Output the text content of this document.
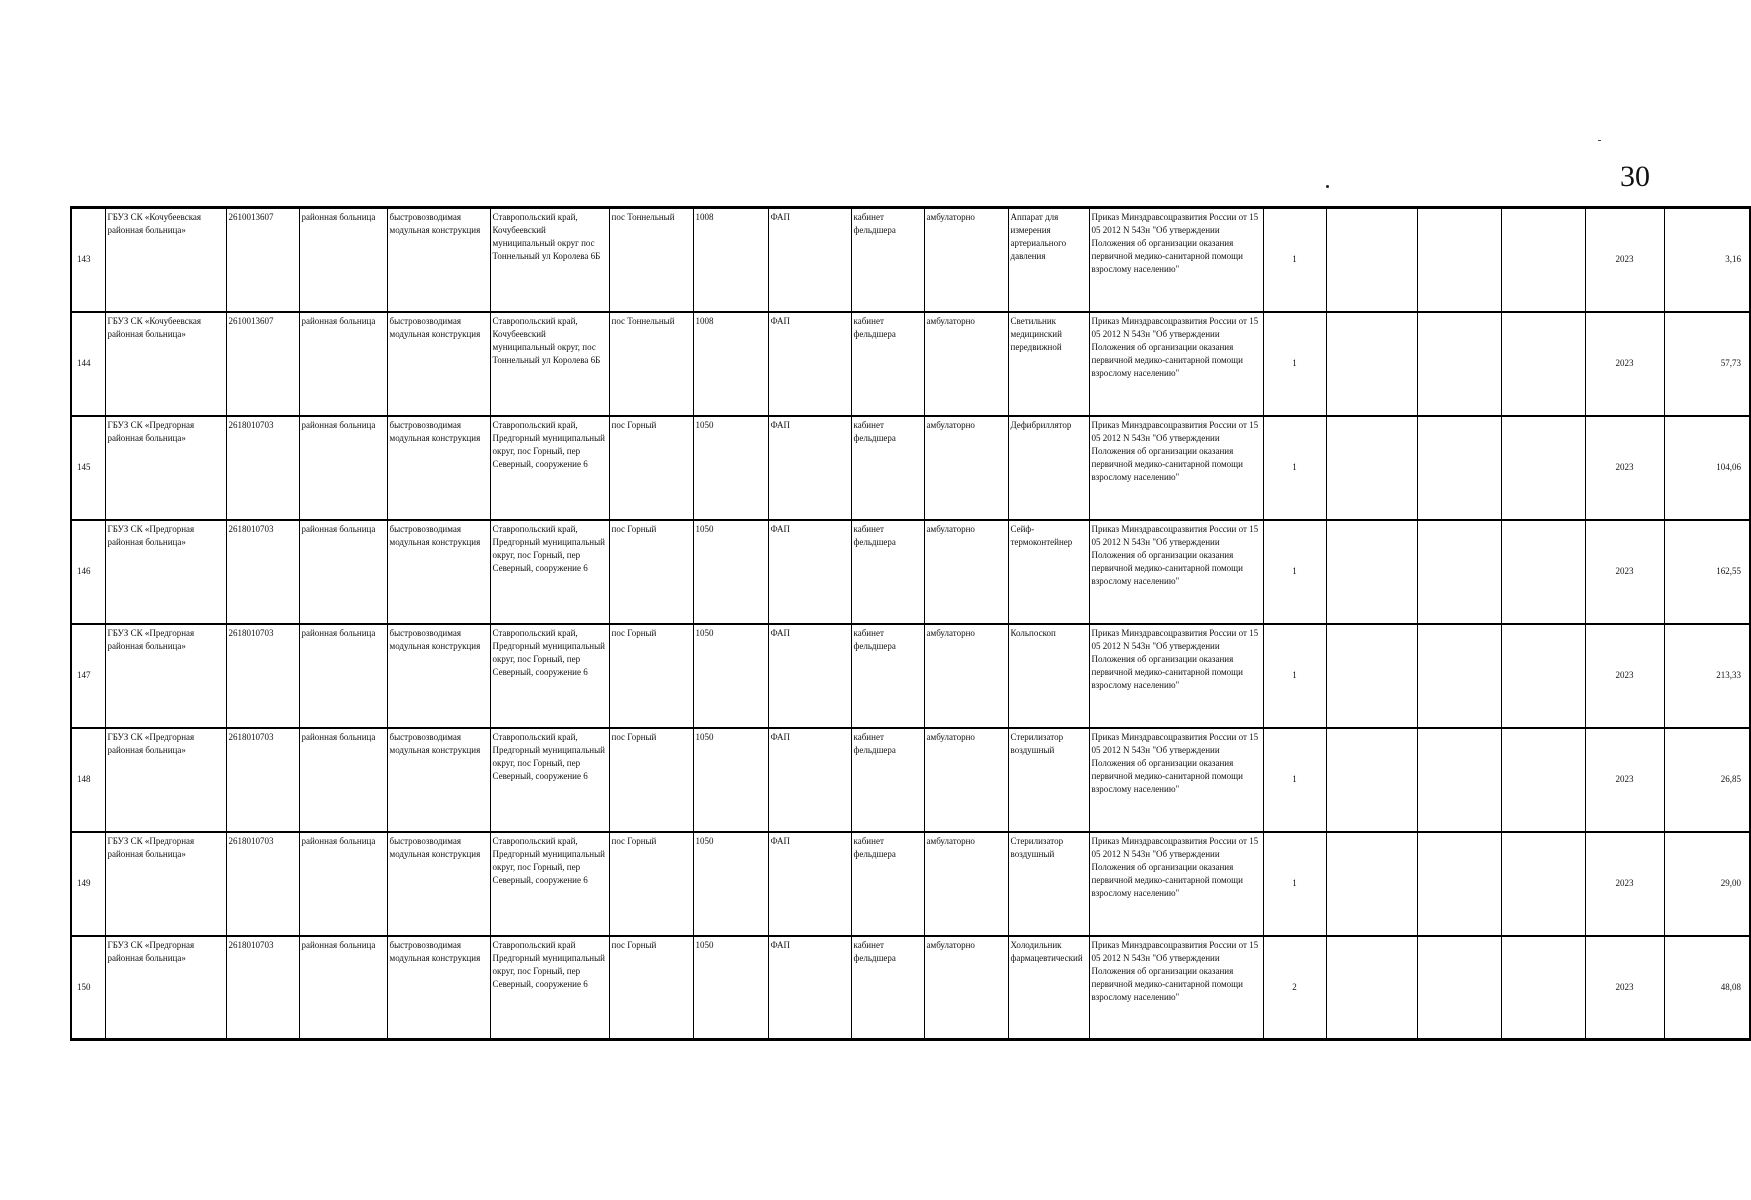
30
143	ГБУЗ СК «Кочубеевская районная больница»	2610013607	районная больница	быстровозводимая модульная конструкция	Ставропольский край, Кочубеевский муниципальный округ пос Тоннельный ул Королева 6Б	пос Тоннельный	1008	ФАП	кабинет фельдшера	амбулаторно	Аппарат для измерения артериального давления	Приказ Минздравсоцразвития России от 15 05 2012 N 543н "Об утверждении Положения об организации оказания первичной медико-санитарной помощи взрослому населению"	1				2023	3,16
144	ГБУЗ СК «Кочубеевская районная больница»	2610013607	районная больница	быстровозводимая модульная конструкция	Ставропольский край, Кочубеевский муниципальный округ, пос Тоннельный ул Королева 6Б	пос Тоннельный	1008	ФАП	кабинет фельдшера	амбулаторно	Светильник медицинский передвижной	Приказ Минздравсоцразвития России от 15 05 2012 N 543н "Об утверждении Положения об организации оказания первичной медико-санитарной помощи взрослому населению"	1				2023	57,73
145	ГБУЗ СК «Предгорная районная больница»	2618010703	районная больница	быстровозводимая модульная конструкция	Ставропольский край, Предгорный муниципальный округ, пос Горный, пер Северный, сооружение 6	пос Горный	1050	ФАП	кабинет фельдшера	амбулаторно	Дефибриллятор	Приказ Минздравсоцразвития России от 15 05 2012 N 543н "Об утверждении Положения об организации оказания первичной медико-санитарной помощи взрослому населению"	1				2023	104,06
146	ГБУЗ СК «Предгорная районная больница»	2618010703	районная больница	быстровозводимая модульная конструкция	Ставропольский край, Предгорный муниципальный округ, пос Горный, пер Северный, сооружение 6	пос Горный	1050	ФАП	кабинет фельдшера	амбулаторно	Сейф-термоконтейнер	Приказ Минздравсоцразвития России от 15 05 2012 N 543н "Об утверждении Положения об организации оказания первичной медико-санитарной помощи взрослому населению"	1				2023	162,55
147	ГБУЗ СК «Предгорная районная больница»	2618010703	районная больница	быстровозводимая модульная конструкция	Ставропольский край, Предгорный муниципальный округ, пос Горный, пер Северный, сооружение 6	пос Горный	1050	ФАП	кабинет фельдшера	амбулаторно	Кольпоскоп	Приказ Минздравсоцразвития России от 15 05 2012 N 543н "Об утверждении Положения об организации оказания первичной медико-санитарной помощи взрослому населению"	1				2023	213,33
148	ГБУЗ СК «Предгорная районная больница»	2618010703	районная больница	быстровозводимая модульная конструкция	Ставропольский край, Предгорный муниципальный округ, пос Горный, пер Северный, сооружение 6	пос Горный	1050	ФАП	кабинет фельдшера	амбулаторно	Стерилизатор воздушный	Приказ Минздравсоцразвития России от 15 05 2012 N 543н "Об утверждении Положения об организации оказания первичной медико-санитарной помощи взрослому населению"	1				2023	26,85
149	ГБУЗ СК «Предгорная районная больница»	2618010703	районная больница	быстровозводимая модульная конструкция	Ставропольский край, Предгорный муниципальный округ, пос Горный, пер Северный, сооружение 6	пос Горный	1050	ФАП	кабинет фельдшера	амбулаторно	Стерилизатор воздушный	Приказ Минздравсоцразвития России от 15 05 2012 N 543н "Об утверждении Положения об организации оказания первичной медико-санитарной помощи взрослому населению"	1				2023	29,00
150	ГБУЗ СК «Предгорная районная больница»	2618010703	районная больница	быстровозводимая модульная конструкция	Ставропольский край Предгорный муниципальный округ, пос Горный, пер Северный, сооружение 6	пос Горный	1050	ФАП	кабинет фельдшера	амбулаторно	Холодильник фармацевтический	Приказ Минздравсоцразвития России от 15 05 2012 N 543н "Об утверждении Положения об организации оказания первичной медико-санитарной помощи взрослому населению"	2				2023	48,08
